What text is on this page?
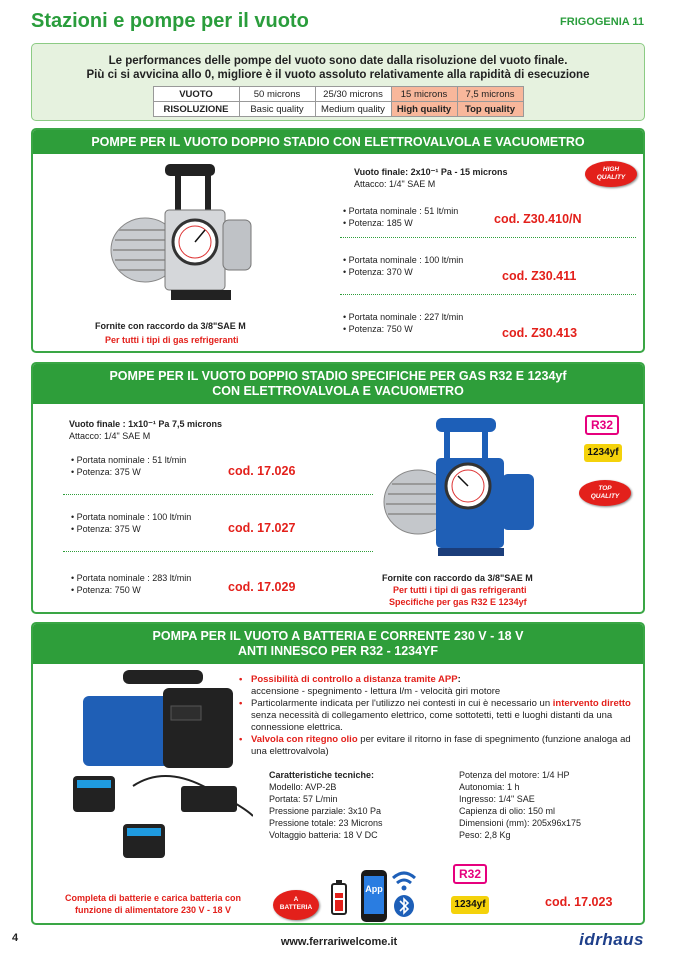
Stazioni e pompe per il vuoto	FRIGOGENIA 11
Le performances delle pompe del vuoto sono date dalla risoluzione del vuoto finale.
Più ci si avvicina allo 0, migliore è il vuoto assoluto relativamente alla rapidità di esecuzione
VUOTO	50 microns	25/30 microns	15 microns	7,5 microns
RISOLUZIONE	Basic quality	Medium quality	High quality	Top quality
POMPE PER IL VUOTO DOPPIO STADIO CON ELETTROVALVOLA E VACUOMETRO
Fornite con raccordo da 3/8"SAE M
Per tutti i tipi di gas refrigeranti
Vuoto finale: 2x10⁻¹ Pa - 15 microns
Attacco: 1/4" SAE M
HIGH
QUALITY
• Portata nominale : 51 lt/min
• Potenza: 185 W	cod. Z30.410/N
• Portata nominale : 100 lt/min
• Potenza: 370 W	cod. Z30.411
• Portata nominale : 227 lt/min
• Potenza: 750 W	cod. Z30.413
POMPE PER IL VUOTO DOPPIO STADIO SPECIFICHE PER GAS R32 E 1234yf
CON ELETTROVALVOLA E VACUOMETRO
Vuoto finale : 1x10⁻¹ Pa 7,5 microns
Attacco: 1/4" SAE M
• Portata nominale : 51 lt/min
• Potenza: 375 W	cod. 17.026
• Portata nominale : 100 lt/min
• Potenza: 375 W	cod. 17.027
• Portata nominale : 283 lt/min
• Potenza: 750 W	cod. 17.029
R32
1234yf
TOP
QUALITY
Fornite con raccordo da 3/8"SAE M
Per tutti i tipi di gas refrigeranti
Specifiche per gas R32 E 1234yf
POMPA PER IL VUOTO A BATTERIA E CORRENTE 230 V - 18 V
ANTI INNESCO PER R32 - 1234YF
• Possibilità di controllo a distanza tramite APP:
accensione - spegnimento - lettura l/m - velocità giri motore
• Particolarmente indicata per l'utilizzo nei contesti in cui è necessario un intervento diretto senza necessità di collegamento elettrico, come sottotetti, tetti e luoghi distanti da una connessione elettrica.
• Valvola con ritegno olio per evitare il ritorno in fase di spegnimento (funzione analoga ad una elettrovalvola)
Caratteristiche tecniche:
Modello: AVP-2B
Portata: 57 L/min
Pressione parziale: 3x10 Pa
Pressione totale: 23 Microns
Voltaggio batteria: 18 V DC
Potenza del motore: 1/4 HP
Autonomia: 1 h
Ingresso: 1/4" SAE
Capienza di olio: 150 ml
Dimensioni (mm): 205x96x175
Peso: 2,8 Kg
Completa di batterie e carica batteria con
funzione di alimentatore 230 V - 18 V
A
BATTERIA
App
R32
1234yf	cod. 17.023
4	www.ferrariwelcome.it	idrhaus
